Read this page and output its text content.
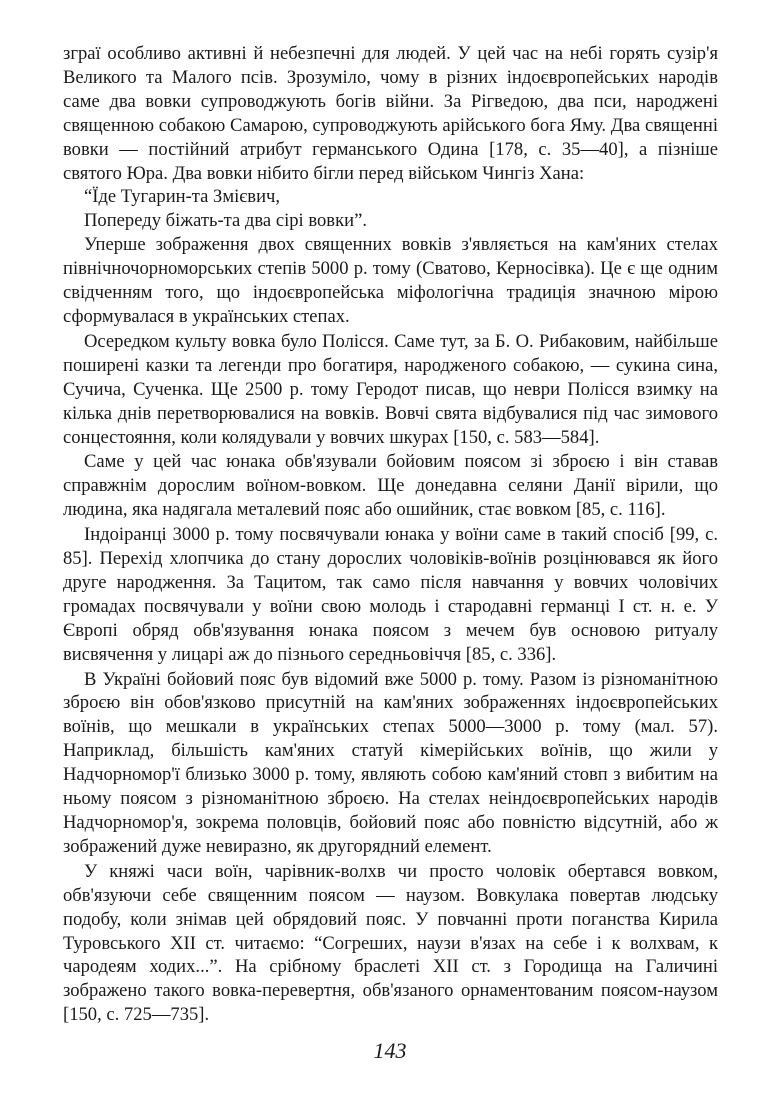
зграї особливо активні й небезпечні для людей. У цей час на небі горять сузір'я Великого та Малого псів. Зрозуміло, чому в різних індоєвропейських народів саме два вовки супроводжують богів війни. За Рігведою, два пси, народжені священною собакою Самарою, супроводжують арійського бога Яму. Два священні вовки — постійний атрибут германського Одина [178, с. 35—40], а пізніше святого Юра. Два вовки нібито бігли перед військом Чингіз Хана:

“Їде Тугарин-та Змієвич,

Попереду біжать-та два сірі вовки”.

Уперше зображення двох священних вовків з'являється на кам'яних стелах північночорноморських степів 5000 р. тому (Сватово, Керносівка). Це є ще одним свідченням того, що індоєвропейська міфологічна традиція значною мірою сформувалася в українських степах.

Осередком культу вовка було Полісся. Саме тут, за Б. О. Рибаковим, найбільше поширені казки та легенди про богатиря, народженого собакою, — сукина сина, Сучича, Сученка. Ще 2500 р. тому Геродот писав, що неври Полісся взимку на кілька днів перетворювалися на вовків. Вовчі свята відбувалися під час зимового сонцестояння, коли колядували у вовчих шкурах [150, с. 583—584].

Саме у цей час юнака обв'язували бойовим поясом зі зброєю і він ставав справжнім дорослим воїном-вовком. Ще донедавна селяни Данії вірили, що людина, яка надягала металевий пояс або ошийник, стає вовком [85, с. 116].

Індоіранці 3000 р. тому посвячували юнака у воїни саме в такий спосіб [99, с. 85]. Перехід хлопчика до стану дорослих чоловіків-воїнів розцінювався як його друге народження. За Тацитом, так само після навчання у вовчих чоловічих громадах посвячували у воїни свою молодь і стародавні германці I ст. н. е. У Європі обряд обв'язування юнака поясом з мечем був основою ритуалу висвячення у лицарі аж до пізнього середньовіччя [85, с. 336].

В Україні бойовий пояс був відомий вже 5000 р. тому. Разом із різноманітною зброєю він обов'язково присутній на кам'яних зображеннях індоєвропейських воїнів, що мешкали в українських степах 5000—3000 р. тому (мал. 57). Наприклад, більшість кам'яних статуй кімерійських воїнів, що жили у Надчорномор'ї близько 3000 р. тому, являють собою кам'яний стовп з вибитим на ньому поясом з різноманітною зброєю. На стелах неіндоєвропейських народів Надчорномор'я, зокрема половців, бойовий пояс або повністю відсутній, або ж зображений дуже невиразно, як другорядний елемент.

У княжі часи воїн, чарівник-волхв чи просто чоловік обертався вовком, обв'язуючи себе священним поясом — наузом. Вовкулака повертав людську подобу, коли знімав цей обрядовий пояс. У повчанні проти поганства Кирила Туровського XII ст. читаємо: “Согреших, наузи в'язах на себе і к волхвам, к чародеям ходих...”. На срібному браслеті XII ст. з Городища на Галичині зображено такого вовка-перевертня, обв'язаного орнаментованим поясом-наузом [150, с. 725—735].

143
